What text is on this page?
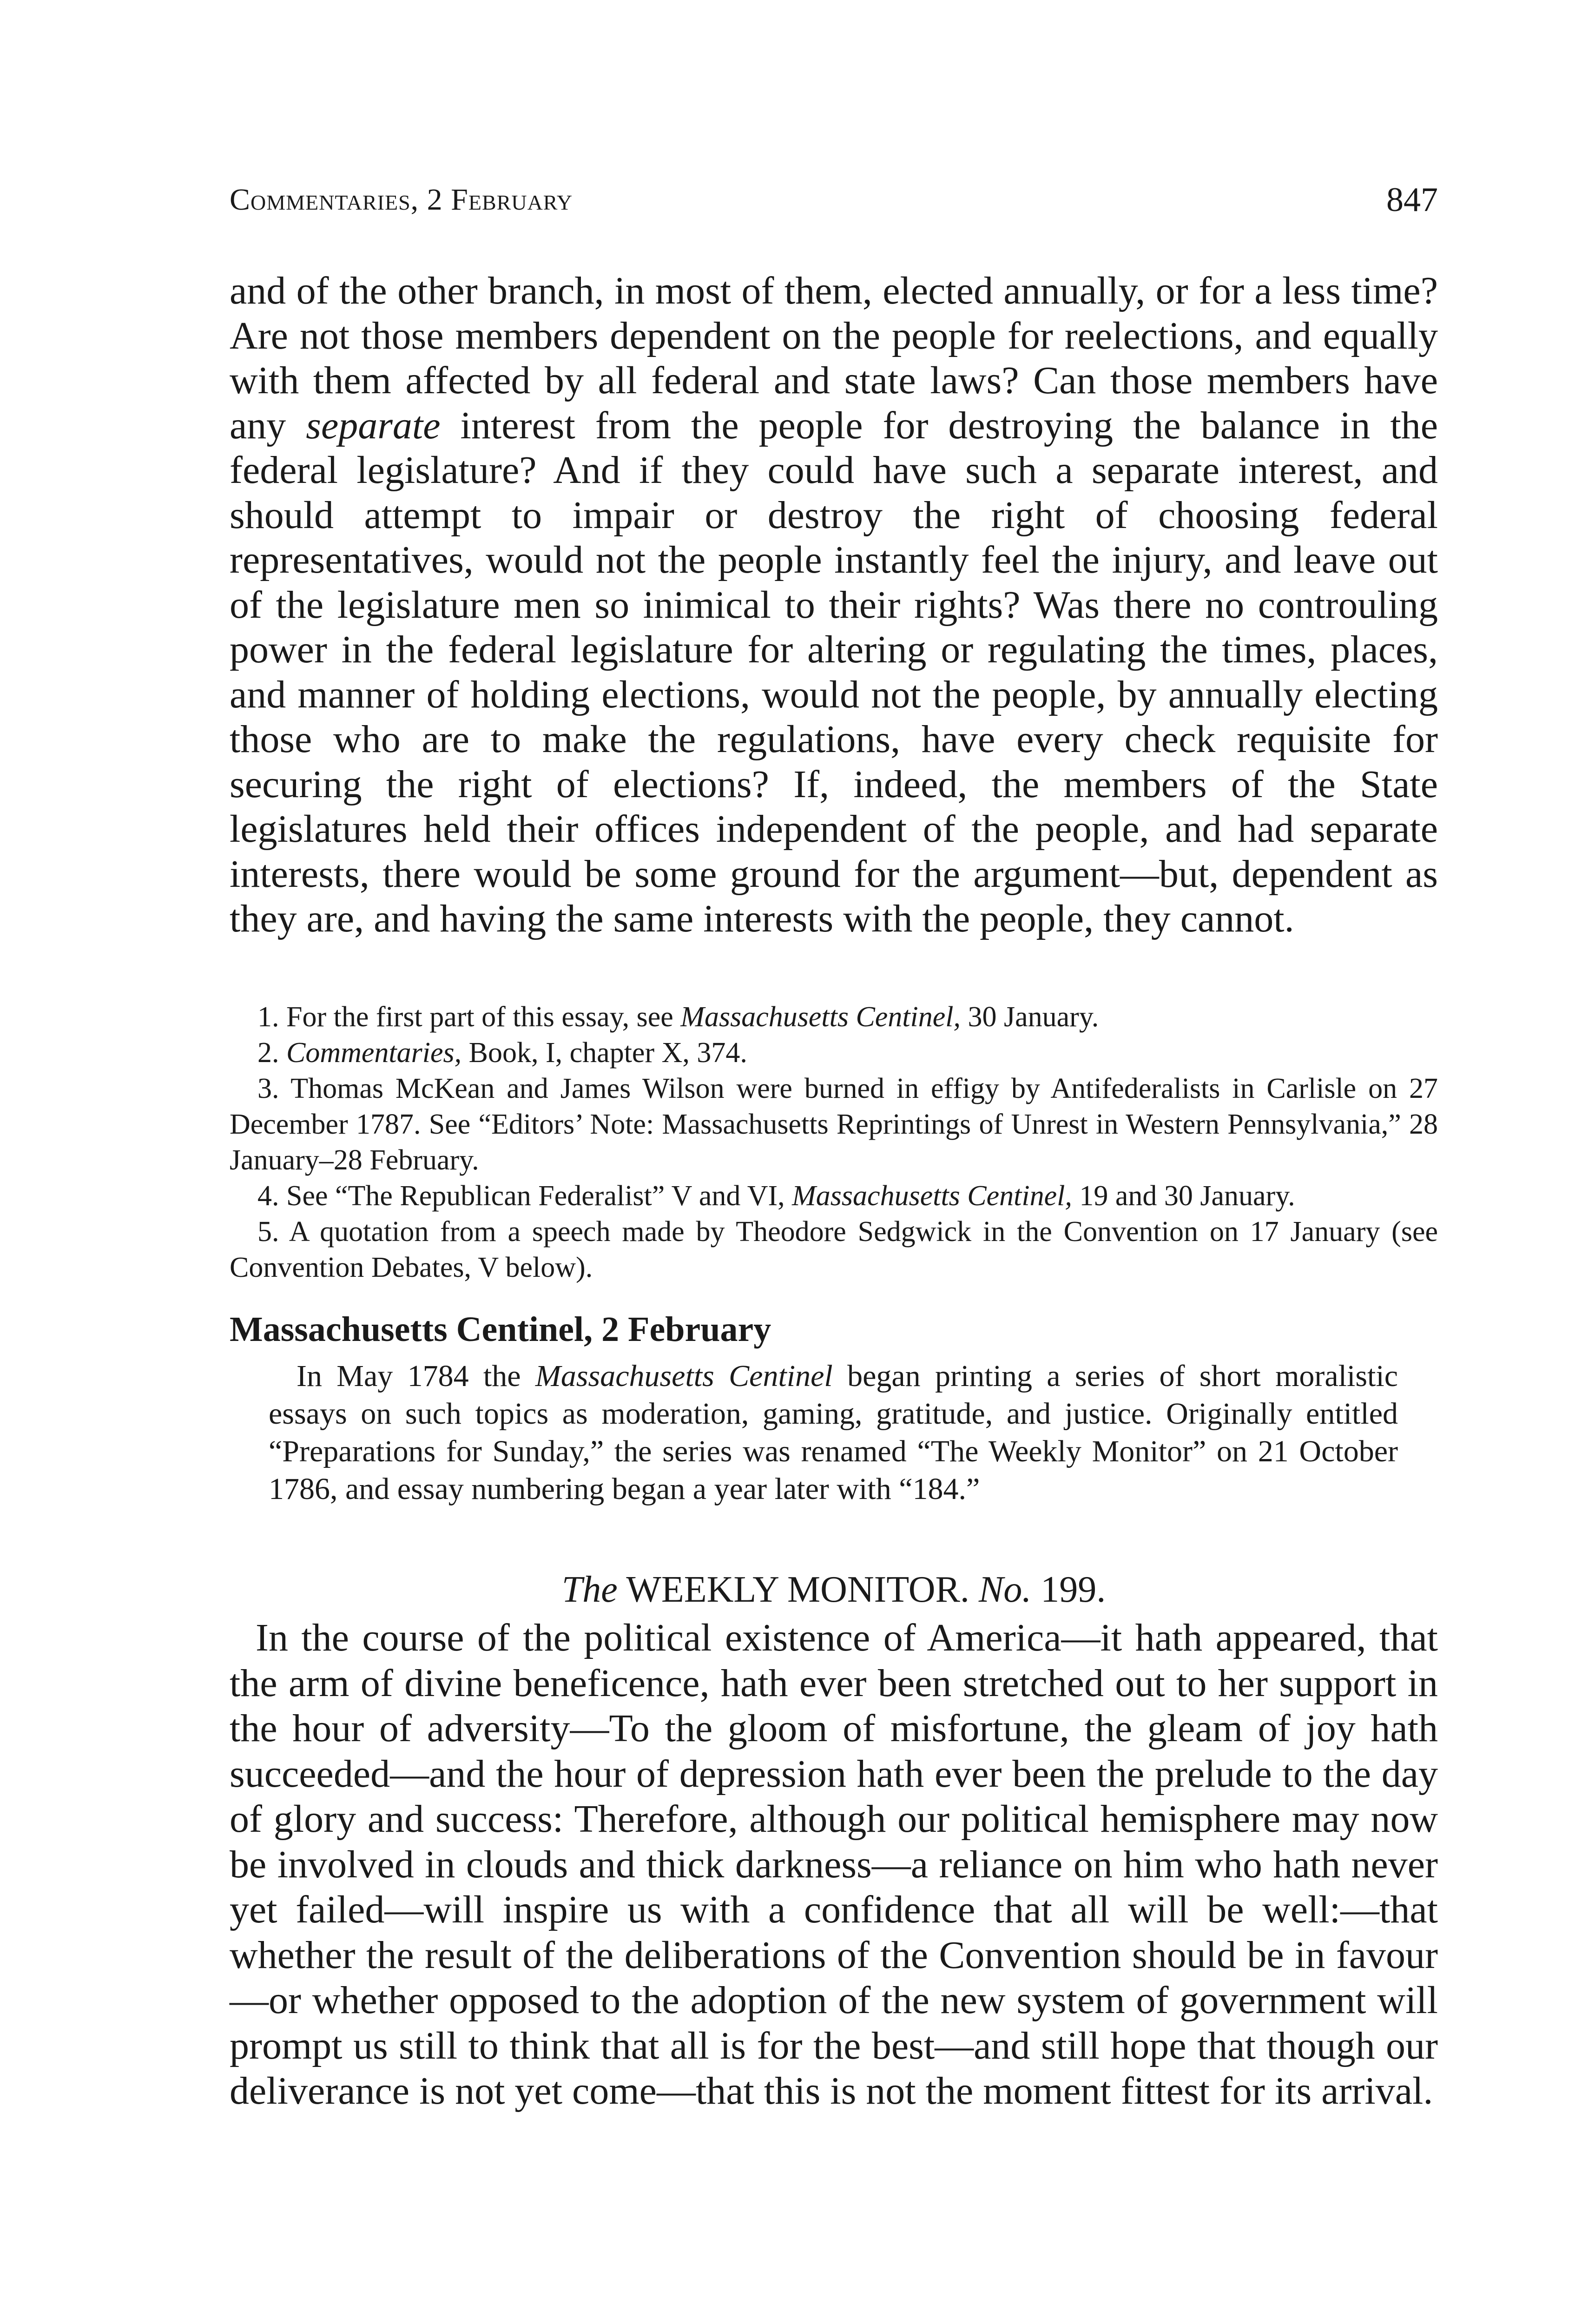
Commentaries, 2 February	847

and of the other branch, in most of them, elected annually, or for a less time? Are not those members dependent on the people for reelections, and equally with them affected by all federal and state laws? Can those members have any separate interest from the people for destroying the balance in the federal legislature? And if they could have such a separate interest, and should attempt to impair or destroy the right of choosing federal representatives, would not the people instantly feel the injury, and leave out of the legislature men so inimical to their rights? Was there no controuling power in the federal legislature for altering or regulating the times, places, and manner of holding elections, would not the people, by annually electing those who are to make the regulations, have every check requisite for securing the right of elections? If, indeed, the members of the State legislatures held their offices independent of the people, and had separate interests, there would be some ground for the argument—but, dependent as they are, and having the same interests with the people, they cannot.

1. For the first part of this essay, see Massachusetts Centinel, 30 January.
2. Commentaries, Book, I, chapter X, 374.
3. Thomas McKean and James Wilson were burned in effigy by Antifederalists in Carlisle on 27 December 1787. See “Editors’ Note: Massachusetts Reprintings of Unrest in Western Pennsylvania,” 28 January–28 February.
4. See “The Republican Federalist” V and VI, Massachusetts Centinel, 19 and 30 January.
5. A quotation from a speech made by Theodore Sedgwick in the Convention on 17 January (see Convention Debates, V below).
Massachusetts Centinel, 2 February

In May 1784 the Massachusetts Centinel began printing a series of short moralistic essays on such topics as moderation, gaming, gratitude, and justice. Originally entitled “Preparations for Sunday,” the series was renamed “The Weekly Monitor” on 21 October 1786, and essay numbering began a year later with “184.”

The WEEKLY MONITOR. No. 199.

In the course of the political existence of America—it hath appeared, that the arm of divine beneficence, hath ever been stretched out to her support in the hour of adversity—To the gloom of misfortune, the gleam of joy hath succeeded—and the hour of depression hath ever been the prelude to the day of glory and success: Therefore, although our political hemisphere may now be involved in clouds and thick darkness—a reliance on him who hath never yet failed—will inspire us with a confidence that all will be well:—that whether the result of the deliberations of the Convention should be in favour—or whether opposed to the adoption of the new system of government will prompt us still to think that all is for the best—and still hope that though our deliverance is not yet come—that this is not the moment fittest for its arrival.
